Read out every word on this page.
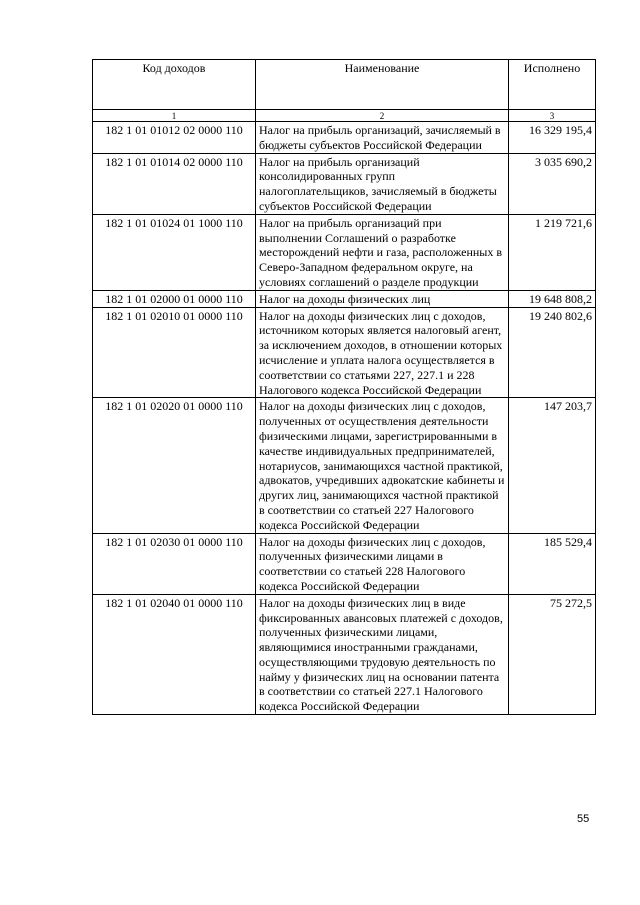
Код доходов	Наименование	Исполнено
1	2	3
182 1 01 01012 02 0000 110	Налог на прибыль организаций, зачисляемый в бюджеты субъектов Российской Федерации	16 329 195,4
182 1 01 01014 02 0000 110	Налог на прибыль организаций консолидированных групп налогоплательщиков, зачисляемый в бюджеты субъектов Российской Федерации	3 035 690,2
182 1 01 01024 01 1000 110	Налог на прибыль организаций при выполнении Соглашений о разработке месторождений нефти и газа, расположенных в Северо-Западном федеральном округе, на условиях соглашений о разделе продукции	1 219 721,6
182 1 01 02000 01 0000 110	Налог на доходы физических лиц	19 648 808,2
182 1 01 02010 01 0000 110	Налог на доходы физических лиц с доходов, источником которых является налоговый агент, за исключением доходов, в отношении которых исчисление и уплата налога осуществляется в соответствии со статьями 227, 227.1 и 228 Налогового кодекса Российской Федерации	19 240 802,6
182 1 01 02020 01 0000 110	Налог на доходы физических лиц с доходов, полученных от осуществления деятельности физическими лицами, зарегистрированными в качестве индивидуальных предпринимателей, нотариусов, занимающихся частной практикой, адвокатов, учредивших адвокатские кабинеты и других лиц, занимающихся частной практикой в соответствии со статьей 227 Налогового кодекса Российской Федерации	147 203,7
182 1 01 02030 01 0000 110	Налог на доходы физических лиц с доходов, полученных физическими лицами в соответствии со статьей 228 Налогового кодекса Российской Федерации	185 529,4
182 1 01 02040 01 0000 110	Налог на доходы физических лиц в виде фиксированных авансовых платежей с доходов, полученных физическими лицами, являющимися иностранными гражданами, осуществляющими трудовую деятельность по найму у физических лиц на основании патента в соответствии со статьей 227.1 Налогового кодекса Российской Федерации	75 272,5
55
